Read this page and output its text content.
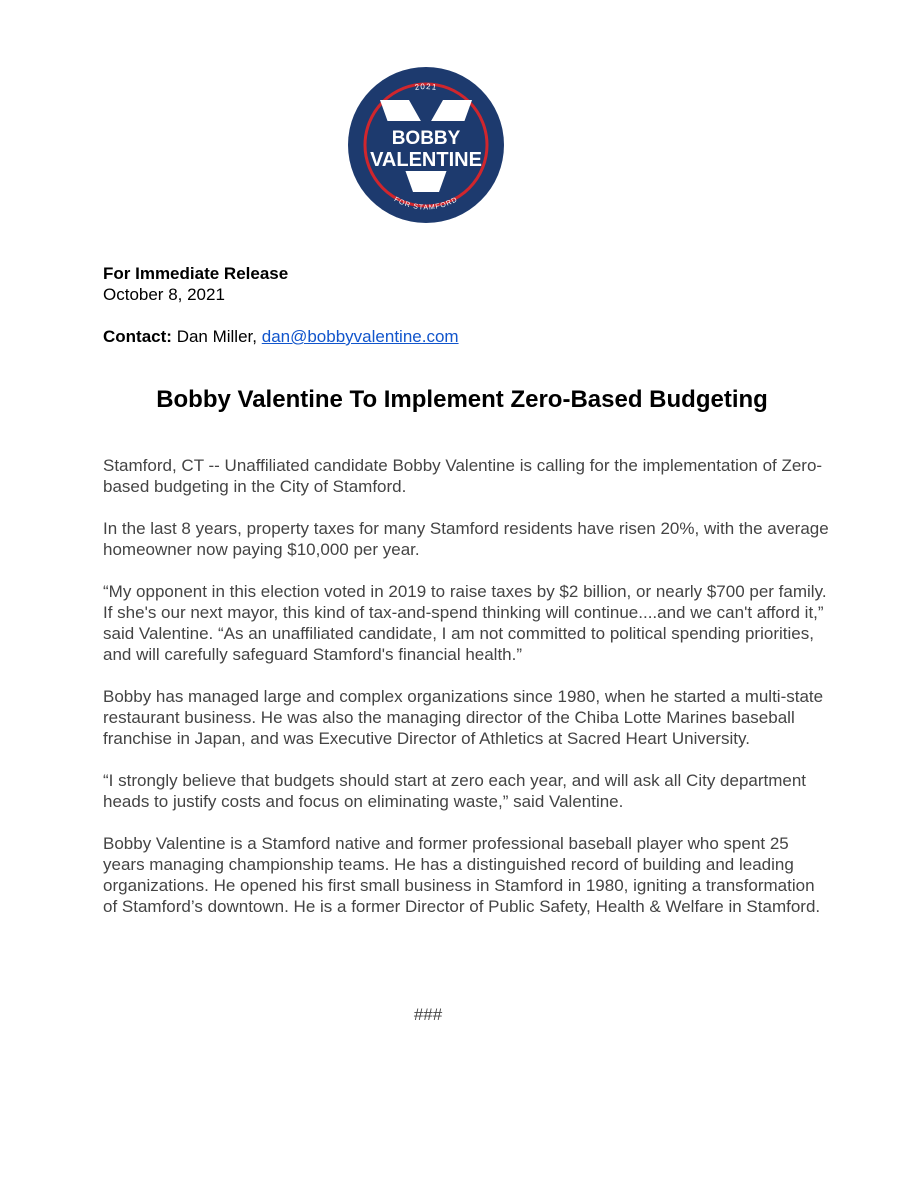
BOBBY
VALENTINE
2021
FOR STAMFORD
For Immediate Release
October 8, 2021
Contact: Dan Miller, dan@bobbyvalentine.com
Bobby Valentine To Implement Zero-Based Budgeting

Stamford, CT -- Unaffiliated candidate Bobby Valentine is calling for the implementation of Zero-based budgeting in the City of Stamford.

In the last 8 years, property taxes for many Stamford residents have risen 20%, with the average homeowner now paying $10,000 per year.

“My opponent in this election voted in 2019 to raise taxes by $2 billion, or nearly $700 per family. If she's our next mayor, this kind of tax-and-spend thinking will continue....and we can't afford it,” said Valentine. “As an unaffiliated candidate, I am not committed to political spending priorities, and will carefully safeguard Stamford's financial health.”

Bobby has managed large and complex organizations since 1980, when he started a multi-state restaurant business. He was also the managing director of the Chiba Lotte Marines baseball franchise in Japan, and was Executive Director of Athletics at Sacred Heart University.

“I strongly believe that budgets should start at zero each year, and will ask all City department heads to justify costs and focus on eliminating waste,” said Valentine.

Bobby Valentine is a Stamford native and former professional baseball player who spent 25 years managing championship teams. He has a distinguished record of building and leading organizations. He opened his first small business in Stamford in 1980, igniting a transformation of Stamford’s downtown. He is a former Director of Public Safety, Health & Welfare in Stamford.

###
